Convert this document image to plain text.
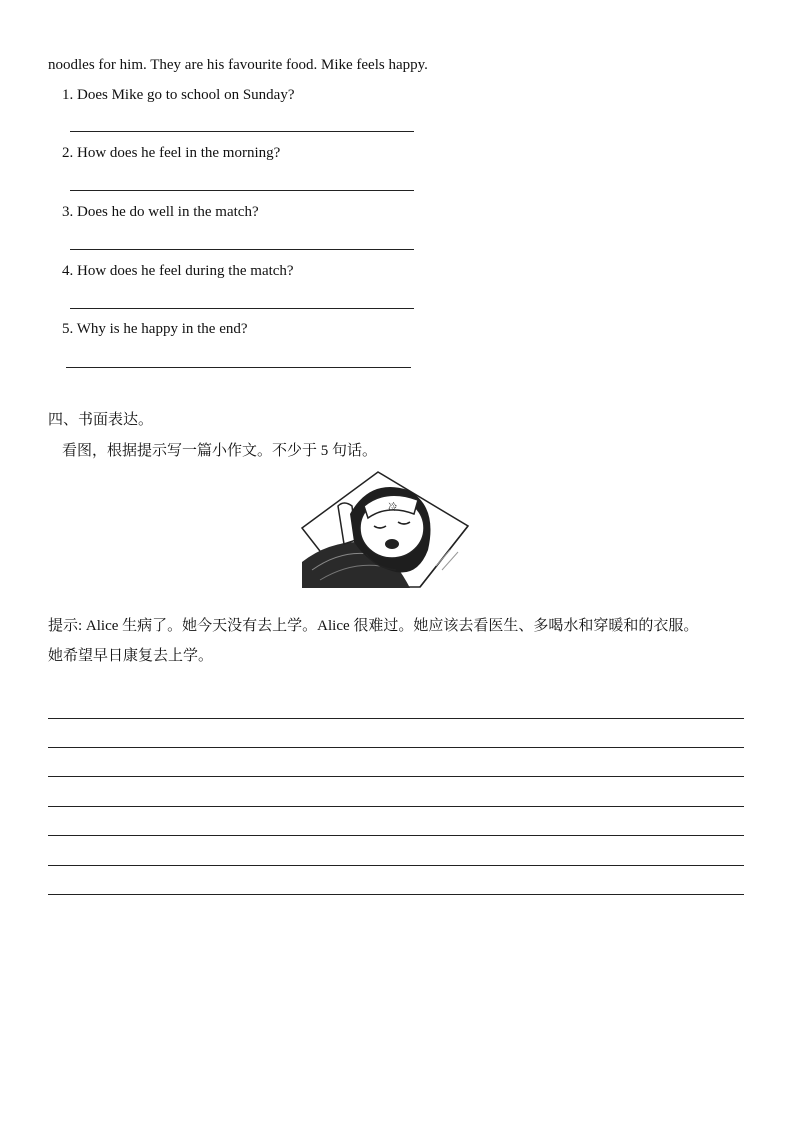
noodles for him. They are his favourite food. Mike feels happy.
1. Does Mike go to school on Sunday?
2. How does he feel in the morning?
3. Does he do well in the match?
4. How does he feel during the match?
5. Why is he happy in the end?
四、书面表达。
看图，根据提示写一篇小作文。不少于 5 句话。
冷
提示: Alice 生病了。她今天没有去上学。Alice 很难过。她应该去看医生、多喝水和穿暖和的衣服。
她希望早日康复去上学。
